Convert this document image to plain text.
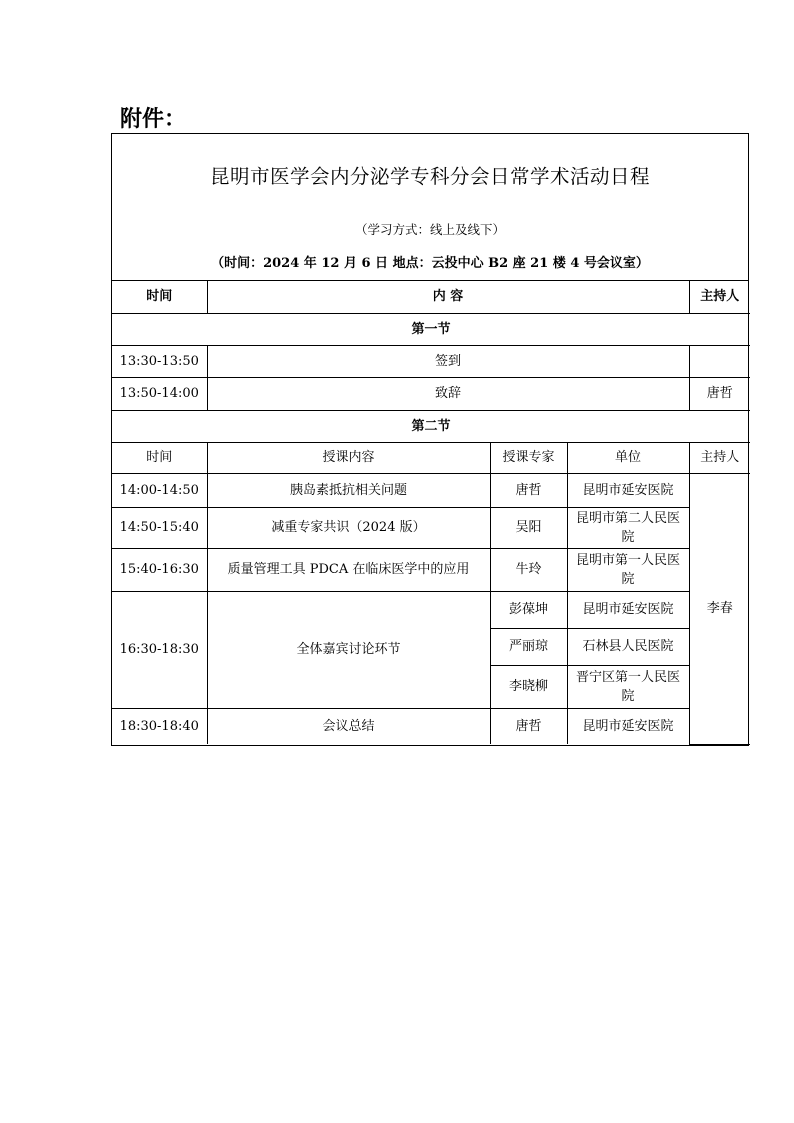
附件：
昆明市医学会内分泌学专科分会日常学术活动日程
（学习方式：线上及线下）
（时间：2024 年 12 月 6 日 地点：云投中心 B2 座 21 楼 4 号会议室）
时间	内 容			主持人
第一节				
13:30-13:50	签到			
13:50-14:00	致辞			唐哲
第二节				
时间	授课内容	授课专家	单位	主持人
14:00-14:50	胰岛素抵抗相关问题	唐哲	昆明市延安医院	李春
14:50-15:40	减重专家共识（2024 版）	吴阳	昆明市第二人民医院	
15:40-16:30	质量管理工具 PDCA 在临床医学中的应用	牛玲	昆明市第一人民医院	
16:30-18:30	全体嘉宾讨论环节	彭葆坤	昆明市延安医院	
		严丽琼	石林县人民医院	
		李晓柳	晋宁区第一人民医院	
18:30-18:40	会议总结	唐哲	昆明市延安医院	
